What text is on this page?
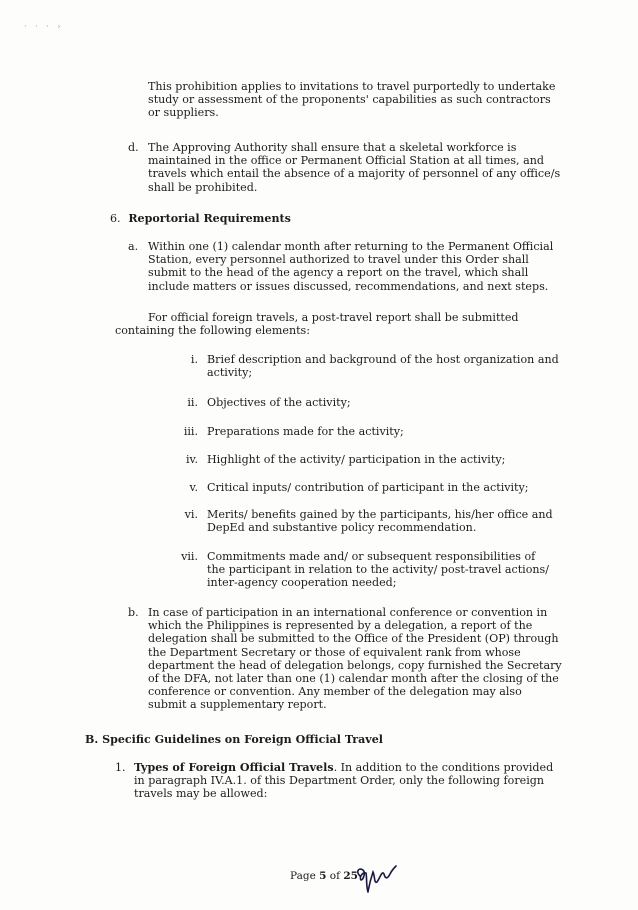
· · · ›
This prohibition applies to invitations to travel purportedly to undertake
study or assessment of the proponents' capabilities as such contractors
or suppliers.
d. The Approving Authority shall ensure that a skeletal workforce is
maintained in the office or Permanent Official Station at all times, and
travels which entail the absence of a majority of personnel of any office/s
shall be prohibited.
6. Reportorial Requirements
a. Within one (1) calendar month after returning to the Permanent Official
Station, every personnel authorized to travel under this Order shall
submit to the head of the agency a report on the travel, which shall
include matters or issues discussed, recommendations, and next steps.
For official foreign travels, a post-travel report shall be submitted
containing the following elements:
i. Brief description and background of the host organization and
activity;
ii. Objectives of the activity;
iii. Preparations made for the activity;
iv. Highlight of the activity/ participation in the activity;
v. Critical inputs/ contribution of participant in the activity;
vi. Merits/ benefits gained by the participants, his/her office and
DepEd and substantive policy recommendation.
vii. Commitments made and/ or subsequent responsibilities of
the participant in relation to the activity/ post-travel actions/
inter-agency cooperation needed;
b. In case of participation in an international conference or convention in
which the Philippines is represented by a delegation, a report of the
delegation shall be submitted to the Office of the President (OP) through
the Department Secretary or those of equivalent rank from whose
department the head of delegation belongs, copy furnished the Secretary
of the DFA, not later than one (1) calendar month after the closing of the
conference or convention. Any member of the delegation may also
submit a supplementary report.
B. Specific Guidelines on Foreign Official Travel
1. Types of Foreign Official Travels. In addition to the conditions provided
in paragraph IV.A.1. of this Department Order, only the following foreign
travels may be allowed:
Page 5 of 25
